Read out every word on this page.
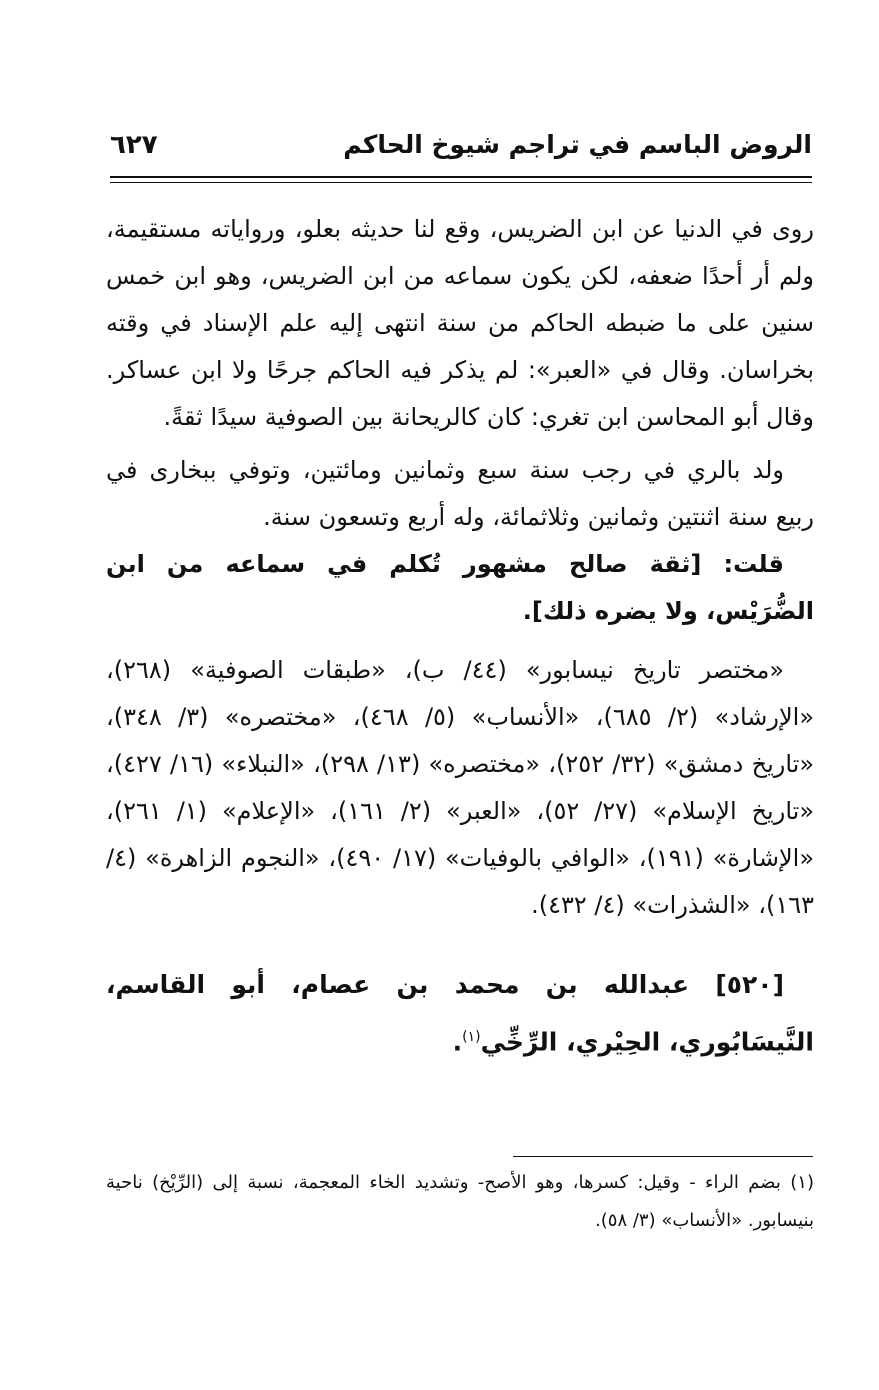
الروض الباسم في تراجم شيوخ الحاكم
٦٢٧

روى في الدنيا عن ابن الضريس، وقع لنا حديثه بعلو، ورواياته مستقيمة، ولم أر أحدًا ضعفه، لكن يكون سماعه من ابن الضريس، وهو ابن خمس سنين على ما ضبطه الحاكم من سنة انتهى إليه علم الإسناد في وقته بخراسان. وقال في «العبر»: لم يذكر فيه الحاكم جرحًا ولا ابن عساكر. وقال أبو المحاسن ابن تغري: كان كالريحانة بين الصوفية سيدًا ثقةً.

ولد بالري في رجب سنة سبع وثمانين ومائتين، وتوفي ببخارى في ربيع سنة اثنتين وثمانين وثلاثمائة، وله أربع وتسعون سنة.

قلت: [ثقة صالح مشهور تُكلم في سماعه من ابن الضُّرَيْس، ولا يضره ذلك].

«مختصر تاريخ نيسابور» (٤٤/ ب)، «طبقات الصوفية» (٢٦٨)، «الإرشاد» (٢/ ٦٨٥)، «الأنساب» (٥/ ٤٦٨)، «مختصره» (٣/ ٣٤٨)، «تاريخ دمشق» (٣٢/ ٢٥٢)، «مختصره» (١٣/ ٢٩٨)، «النبلاء» (١٦/ ٤٢٧)، «تاريخ الإسلام» (٢٧/ ٥٢)، «العبر» (٢/ ١٦١)، «الإعلام» (١/ ٢٦١)، «الإشارة» (١٩١)، «الوافي بالوفيات» (١٧/ ٤٩٠)، «النجوم الزاهرة» (٤/ ١٦٣)، «الشذرات» (٤/ ٤٣٢).

[٥٢٠] عبدالله بن محمد بن عصام، أبو القاسم، النَّيسَابُوري، الحِيْري، الرِّخِّي$^{(١)}$.

(١) بضم الراء - وقيل: كسرها، وهو الأصح- وتشديد الخاء المعجمة، نسبة إلى (الرِّيْخ) ناحية بنيسابور. «الأنساب» (٣/ ٥٨).
